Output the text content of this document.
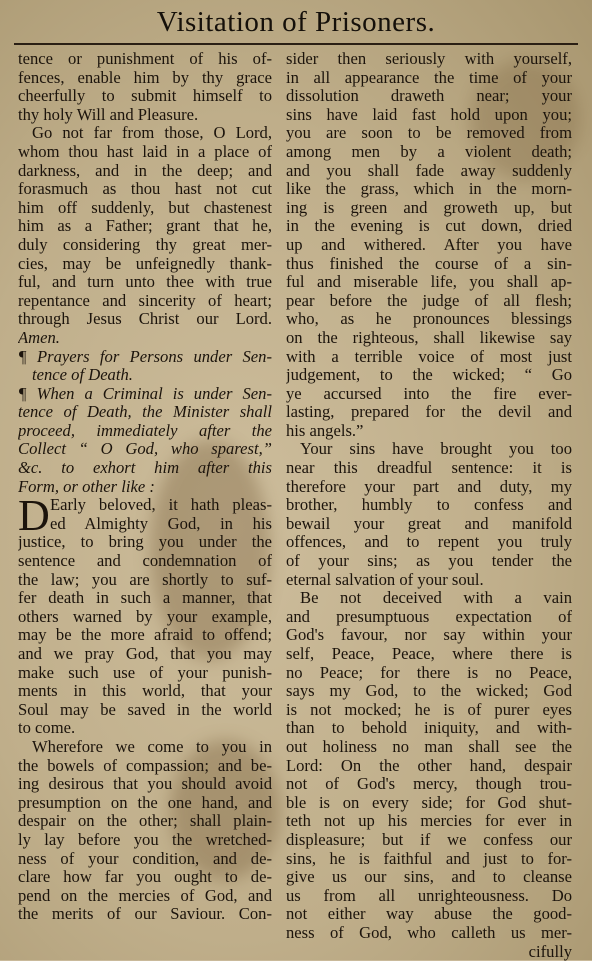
Visitation of Prisoners.
tence or punishment of his of-
fences, enable him by thy grace
cheerfully to submit himself to
thy holy Will and Pleasure.
Go not far from those, O Lord,
whom thou hast laid in a place of
darkness, and in the deep; and
forasmuch as thou hast not cut
him off suddenly, but chastenest
him as a Father; grant that he,
duly considering thy great mer-
cies, may be unfeignedly thank-
ful, and turn unto thee with true
repentance and sincerity of heart;
through Jesus Christ our Lord.
Amen.
¶ Prayers for Persons under Sen-
tence of Death.
¶ When a Criminal is under Sen-
tence of Death, the Minister shall
proceed, immediately after the
Collect “ O God, who sparest,”
&c. to exhort him after this
Form, or other like :
D Early beloved, it hath pleas-
ed Almighty God, in his
justice, to bring you under the
sentence and condemnation of
the law; you are shortly to suf-
fer death in such a manner, that
others warned by your example,
may be the more afraid to offend;
and we pray God, that you may
make such use of your punish-
ments in this world, that your
Soul may be saved in the world
to come.
Wherefore we come to you in
the bowels of compassion; and be-
ing desirous that you should avoid
presumption on the one hand, and
despair on the other; shall plain-
ly lay before you the wretched-
ness of your condition, and de-
clare how far you ought to de-
pend on the mercies of God, and
the merits of our Saviour. Con-
sider then seriously with yourself,
in all appearance the time of your
dissolution draweth near; your
sins have laid fast hold upon you;
you are soon to be removed from
among men by a violent death;
and you shall fade away suddenly
like the grass, which in the morn-
ing is green and groweth up, but
in the evening is cut down, dried
up and withered. After you have
thus finished the course of a sin-
ful and miserable life, you shall ap-
pear before the judge of all flesh;
who, as he pronounces blessings
on the righteous, shall likewise say
with a terrible voice of most just
judgement, to the wicked; “ Go
ye accursed into the fire ever-
lasting, prepared for the devil and
his angels.”
Your sins have brought you too
near this dreadful sentence: it is
therefore your part and duty, my
brother, humbly to confess and
bewail your great and manifold
offences, and to repent you truly
of your sins; as you tender the
eternal salvation of your soul.
Be not deceived with a vain
and presumptuous expectation of
God's favour, nor say within your
self, Peace, Peace, where there is
no Peace; for there is no Peace,
says my God, to the wicked; God
is not mocked; he is of purer eyes
than to behold iniquity, and with-
out holiness no man shall see the
Lord: On the other hand, despair
not of God's mercy, though trou-
ble is on every side; for God shut-
teth not up his mercies for ever in
displeasure; but if we confess our
sins, he is faithful and just to for-
give us our sins, and to cleanse
us from all unrighteousness. Do
not either way abuse the good-
ness of God, who calleth us mer-
cifully
